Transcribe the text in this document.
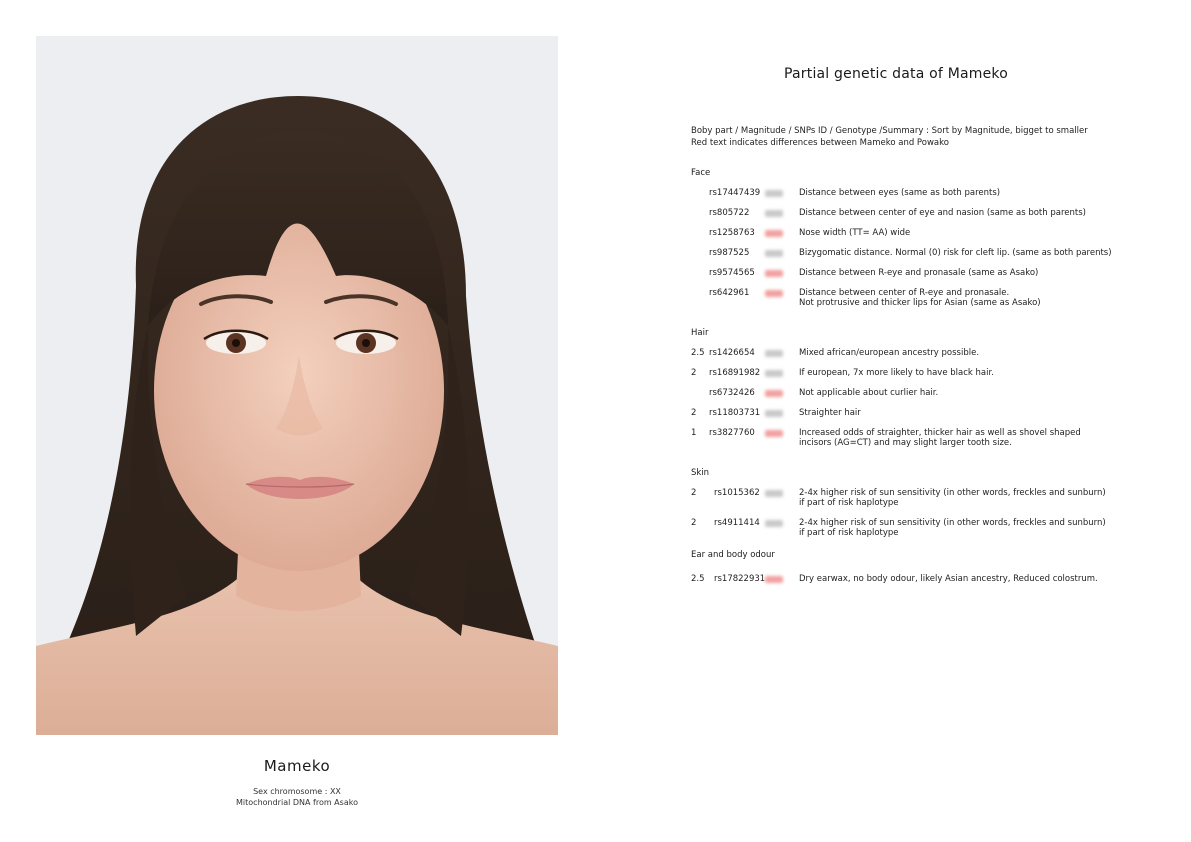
Mameko
Sex chromosome : XX
Mitochondrial DNA from Asako
Partial genetic data of Mameko
Boby part / Magnitude / SNPs ID / Genotype /Summary : Sort by Magnitude, bigget to smaller
Red text indicates differences between Mameko and Powako
Face
rs17447439	Distance between eyes (same as both parents)
rs805722	Distance between center of eye and nasion (same as both parents)
rs1258763	Nose width (TT= AA) wide
rs987525	Bizygomatic distance. Normal (0) risk for cleft lip. (same as both parents)
rs9574565	Distance between R-eye and pronasale (same as Asako)
rs642961	Distance between center of R-eye and pronasale.
Not protrusive and thicker lips for Asian (same as Asako)
Hair
2.5 rs1426654	Mixed african/european ancestry possible.
2 rs16891982	If european, 7x more likely to have black hair.
rs6732426	Not applicable about curlier hair.
2 rs11803731	Straighter hair
1 rs3827760	Increased odds of straighter, thicker hair as well as shovel shaped
incisors (AG=CT) and may slight larger tooth size.
Skin
2 rs1015362	2-4x higher risk of sun sensitivity (in other words, freckles and sunburn)
if part of risk haplotype
2 rs4911414	2-4x higher risk of sun sensitivity (in other words, freckles and sunburn)
if part of risk haplotype
Ear and body odour
2.5 rs17822931	Dry earwax, no body odour, likely Asian ancestry, Reduced colostrum.
